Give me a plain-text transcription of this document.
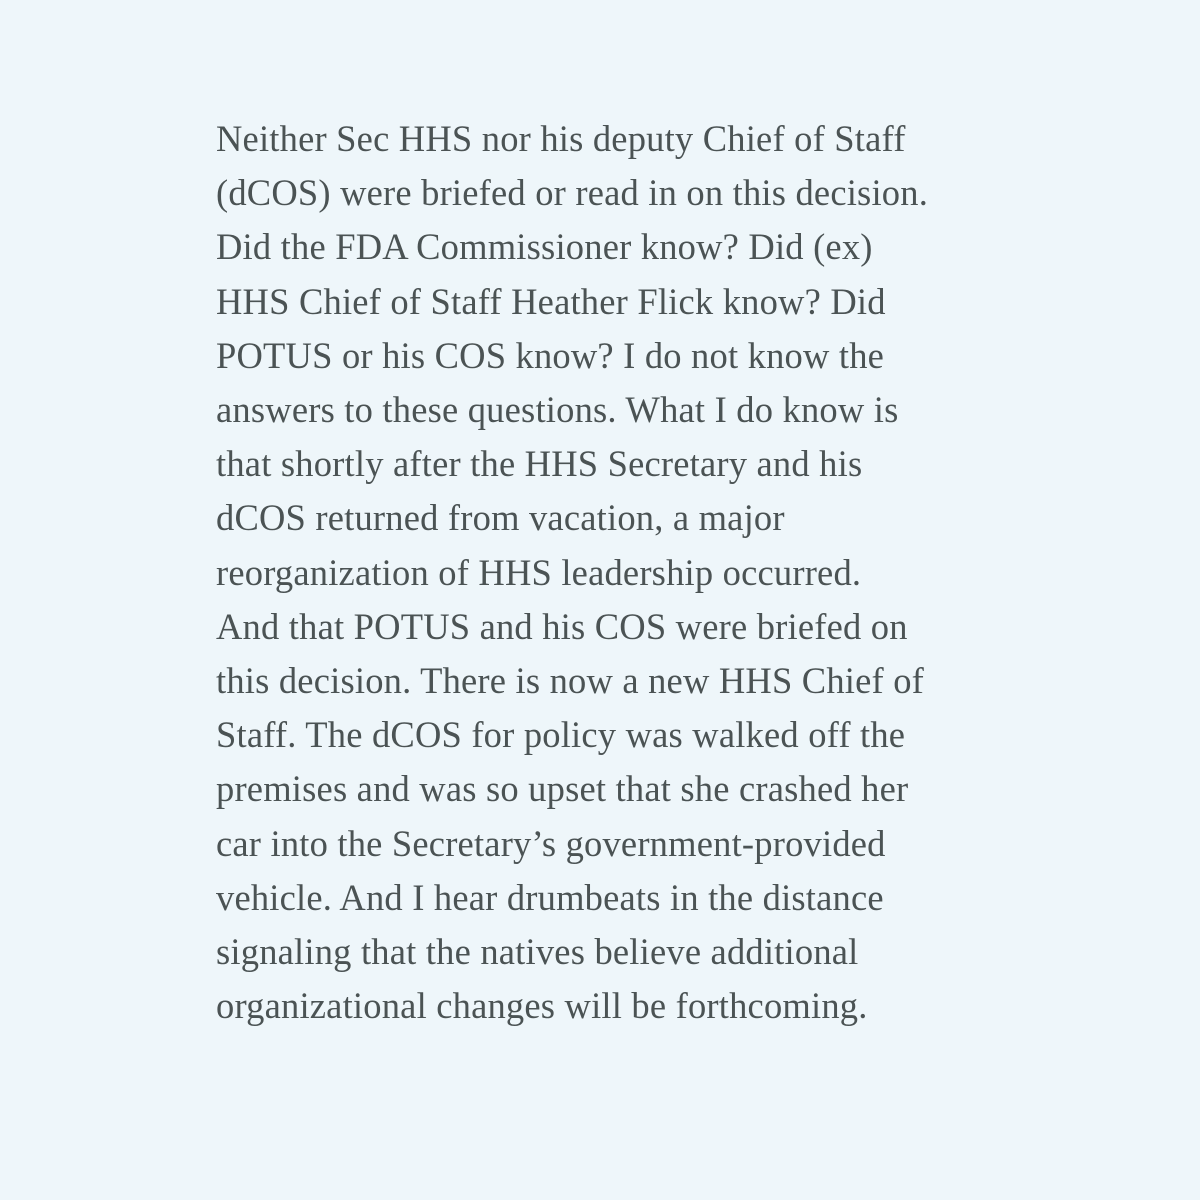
Neither Sec HHS nor his deputy Chief of Staff
(dCOS) were briefed or read in on this decision.
Did the FDA Commissioner know? Did (ex)
HHS Chief of Staff Heather Flick know? Did
POTUS or his COS know? I do not know the
answers to these questions. What I do know is
that shortly after the HHS Secretary and his
dCOS returned from vacation, a major
reorganization of HHS leadership occurred.
And that POTUS and his COS were briefed on
this decision. There is now a new HHS Chief of
Staff. The dCOS for policy was walked off the
premises and was so upset that she crashed her
car into the Secretary’s government-provided
vehicle. And I hear drumbeats in the distance
signaling that the natives believe additional
organizational changes will be forthcoming.
